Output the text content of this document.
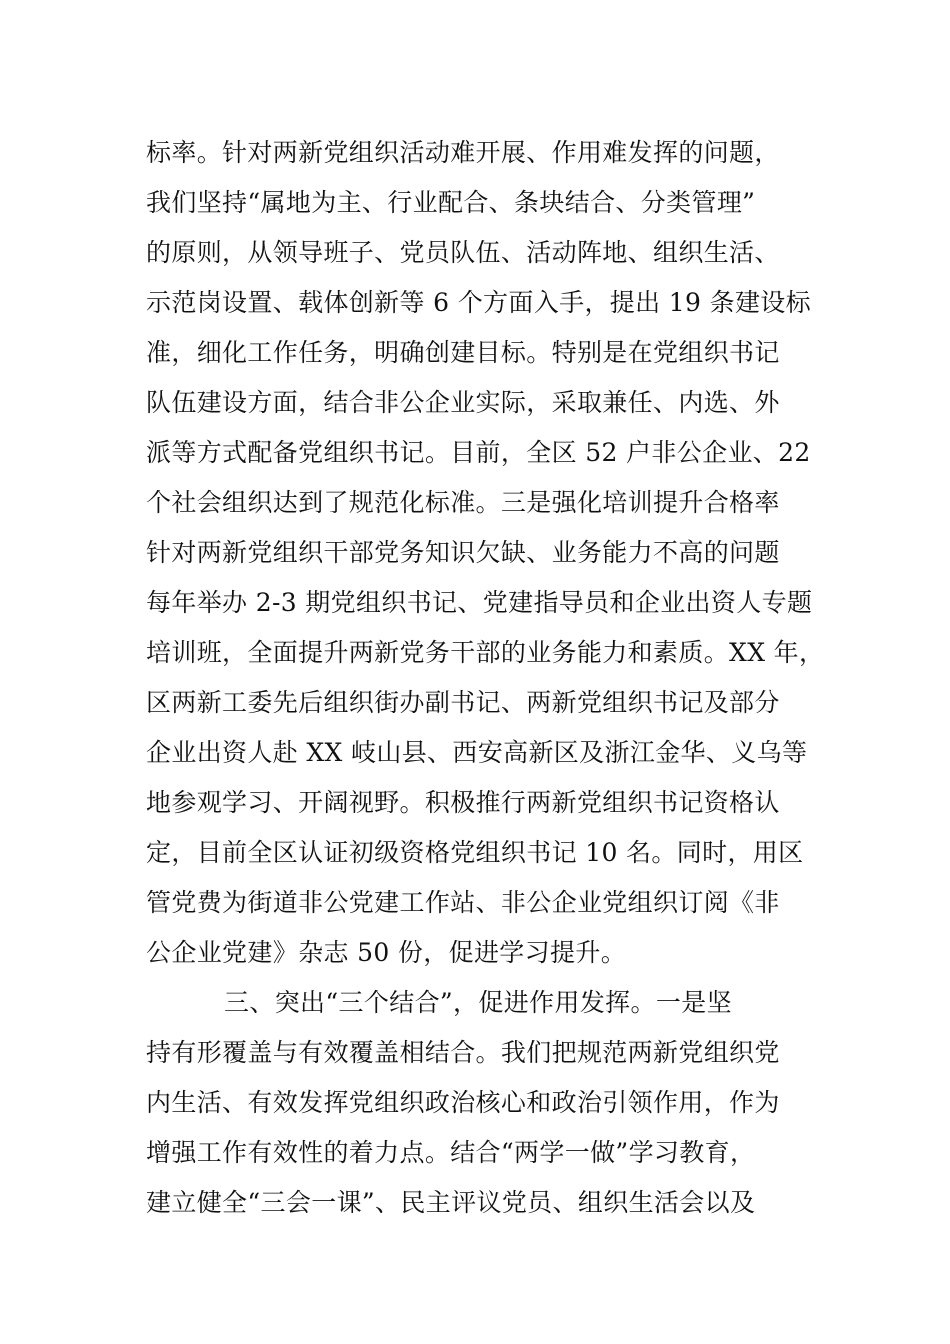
标率。针对两新党组织活动难开展、作用难发挥的问题，
我们坚持“属地为主、行业配合、条块结合、分类管理”
的原则，从领导班子、党员队伍、活动阵地、组织生活、
示范岗设置、载体创新等 6 个方面入手，提出 19 条建设标
准，细化工作任务，明确创建目标。特别是在党组织书记
队伍建设方面，结合非公企业实际，采取兼任、内选、外
派等方式配备党组织书记。目前，全区 52 户非公企业、22
个社会组织达到了规范化标准。三是强化培训提升合格率
针对两新党组织干部党务知识欠缺、业务能力不高的问题
每年举办 2-3 期党组织书记、党建指导员和企业出资人专题
培训班，全面提升两新党务干部的业务能力和素质。XX 年，
区两新工委先后组织街办副书记、两新党组织书记及部分
企业出资人赴 XX 岐山县、西安高新区及浙江金华、义乌等
地参观学习、开阔视野。积极推行两新党组织书记资格认
定，目前全区认证初级资格党组织书记 10 名。同时，用区
管党费为街道非公党建工作站、非公企业党组织订阅《非
公企业党建》杂志 50 份，促进学习提升。
三、突出“三个结合”，促进作用发挥。一是坚
持有形覆盖与有效覆盖相结合。我们把规范两新党组织党
内生活、有效发挥党组织政治核心和政治引领作用，作为
增强工作有效性的着力点。结合“两学一做”学习教育，
建立健全“三会一课”、民主评议党员、组织生活会以及
